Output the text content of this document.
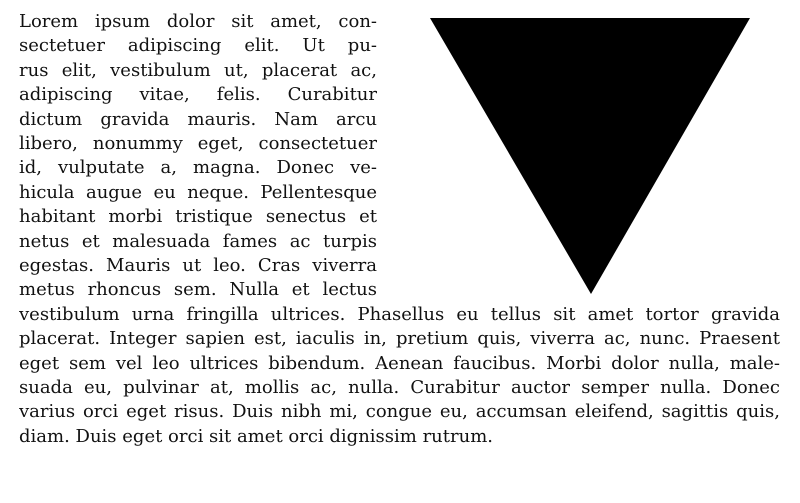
Lorem ipsum dolor sit amet, con-
sectetuer adipiscing elit. Ut pu-
rus elit, vestibulum ut, placerat ac,
adipiscing vitae, felis. Curabitur
dictum gravida mauris. Nam arcu
libero, nonummy eget, consectetuer
id, vulputate a, magna. Donec ve-
hicula augue eu neque. Pellentesque
habitant morbi tristique senectus et
netus et malesuada fames ac turpis
egestas. Mauris ut leo. Cras viverra
metus rhoncus sem. Nulla et lectus
vestibulum urna fringilla ultrices. Phasellus eu tellus sit amet tortor gravida
placerat. Integer sapien est, iaculis in, pretium quis, viverra ac, nunc. Praesent
eget sem vel leo ultrices bibendum. Aenean faucibus. Morbi dolor nulla, male-
suada eu, pulvinar at, mollis ac, nulla. Curabitur auctor semper nulla. Donec
varius orci eget risus. Duis nibh mi, congue eu, accumsan eleifend, sagittis quis,
diam. Duis eget orci sit amet orci dignissim rutrum.
